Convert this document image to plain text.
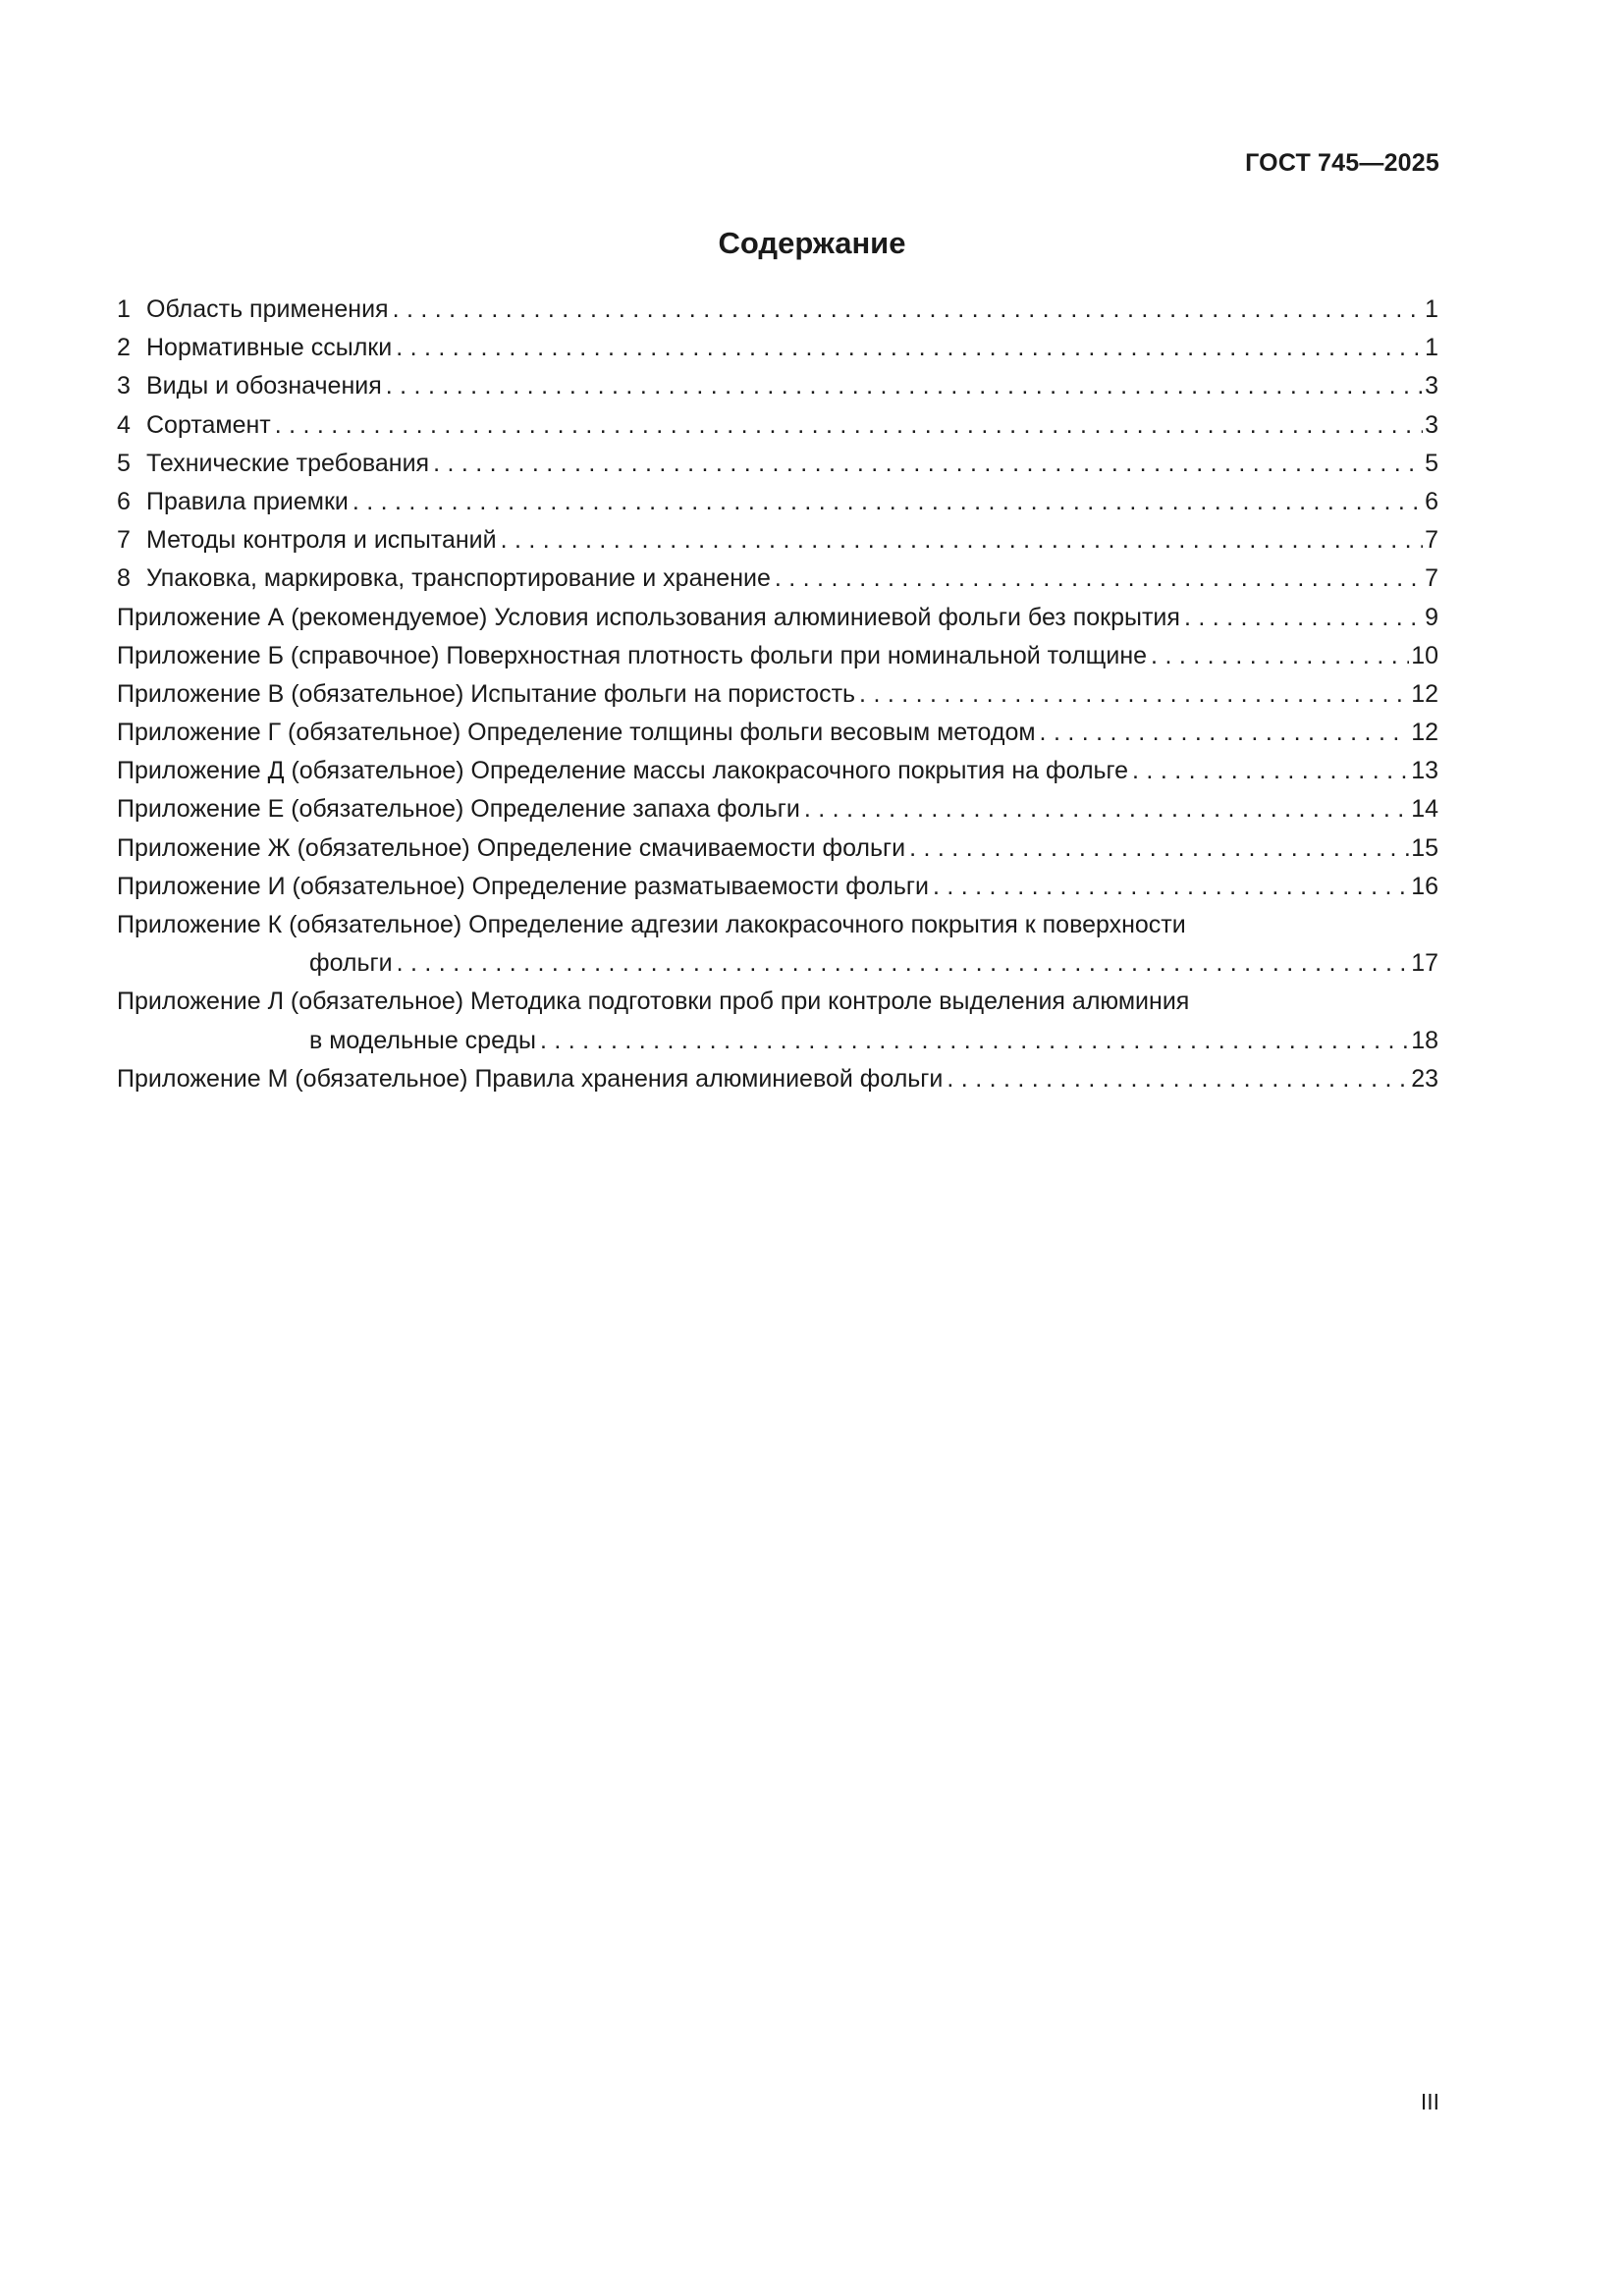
ГОСТ 745—2025
Содержание
1 Область применения . . .	1
2 Нормативные ссылки . . .	1
3 Виды и обозначения . . .	3
4 Сортамент . . .	3
5 Технические требования . . .	5
6 Правила приемки . . .	6
7 Методы контроля и испытаний . . .	7
8 Упаковка, маркировка, транспортирование и хранение . . .	7
Приложение А (рекомендуемое) Условия использования алюминиевой фольги без покрытия . . .	9
Приложение Б (справочное) Поверхностная плотность фольги при номинальной толщине . . .	10
Приложение В (обязательное) Испытание фольги на пористость . . .	12
Приложение Г (обязательное) Определение толщины фольги весовым методом . . .	12
Приложение Д (обязательное) Определение массы лакокрасочного покрытия на фольге . . .	13
Приложение Е (обязательное) Определение запаха фольги . . .	14
Приложение Ж (обязательное) Определение смачиваемости фольги . . .	15
Приложение И (обязательное) Определение разматываемости фольги . . .	16
Приложение К (обязательное) Определение адгезии лакокрасочного покрытия к поверхности
фольги . . .	17
Приложение Л (обязательное) Методика подготовки проб при контроле выделения алюминия
в модельные среды . . .	18
Приложение М (обязательное) Правила хранения алюминиевой фольги . . .	23
III
